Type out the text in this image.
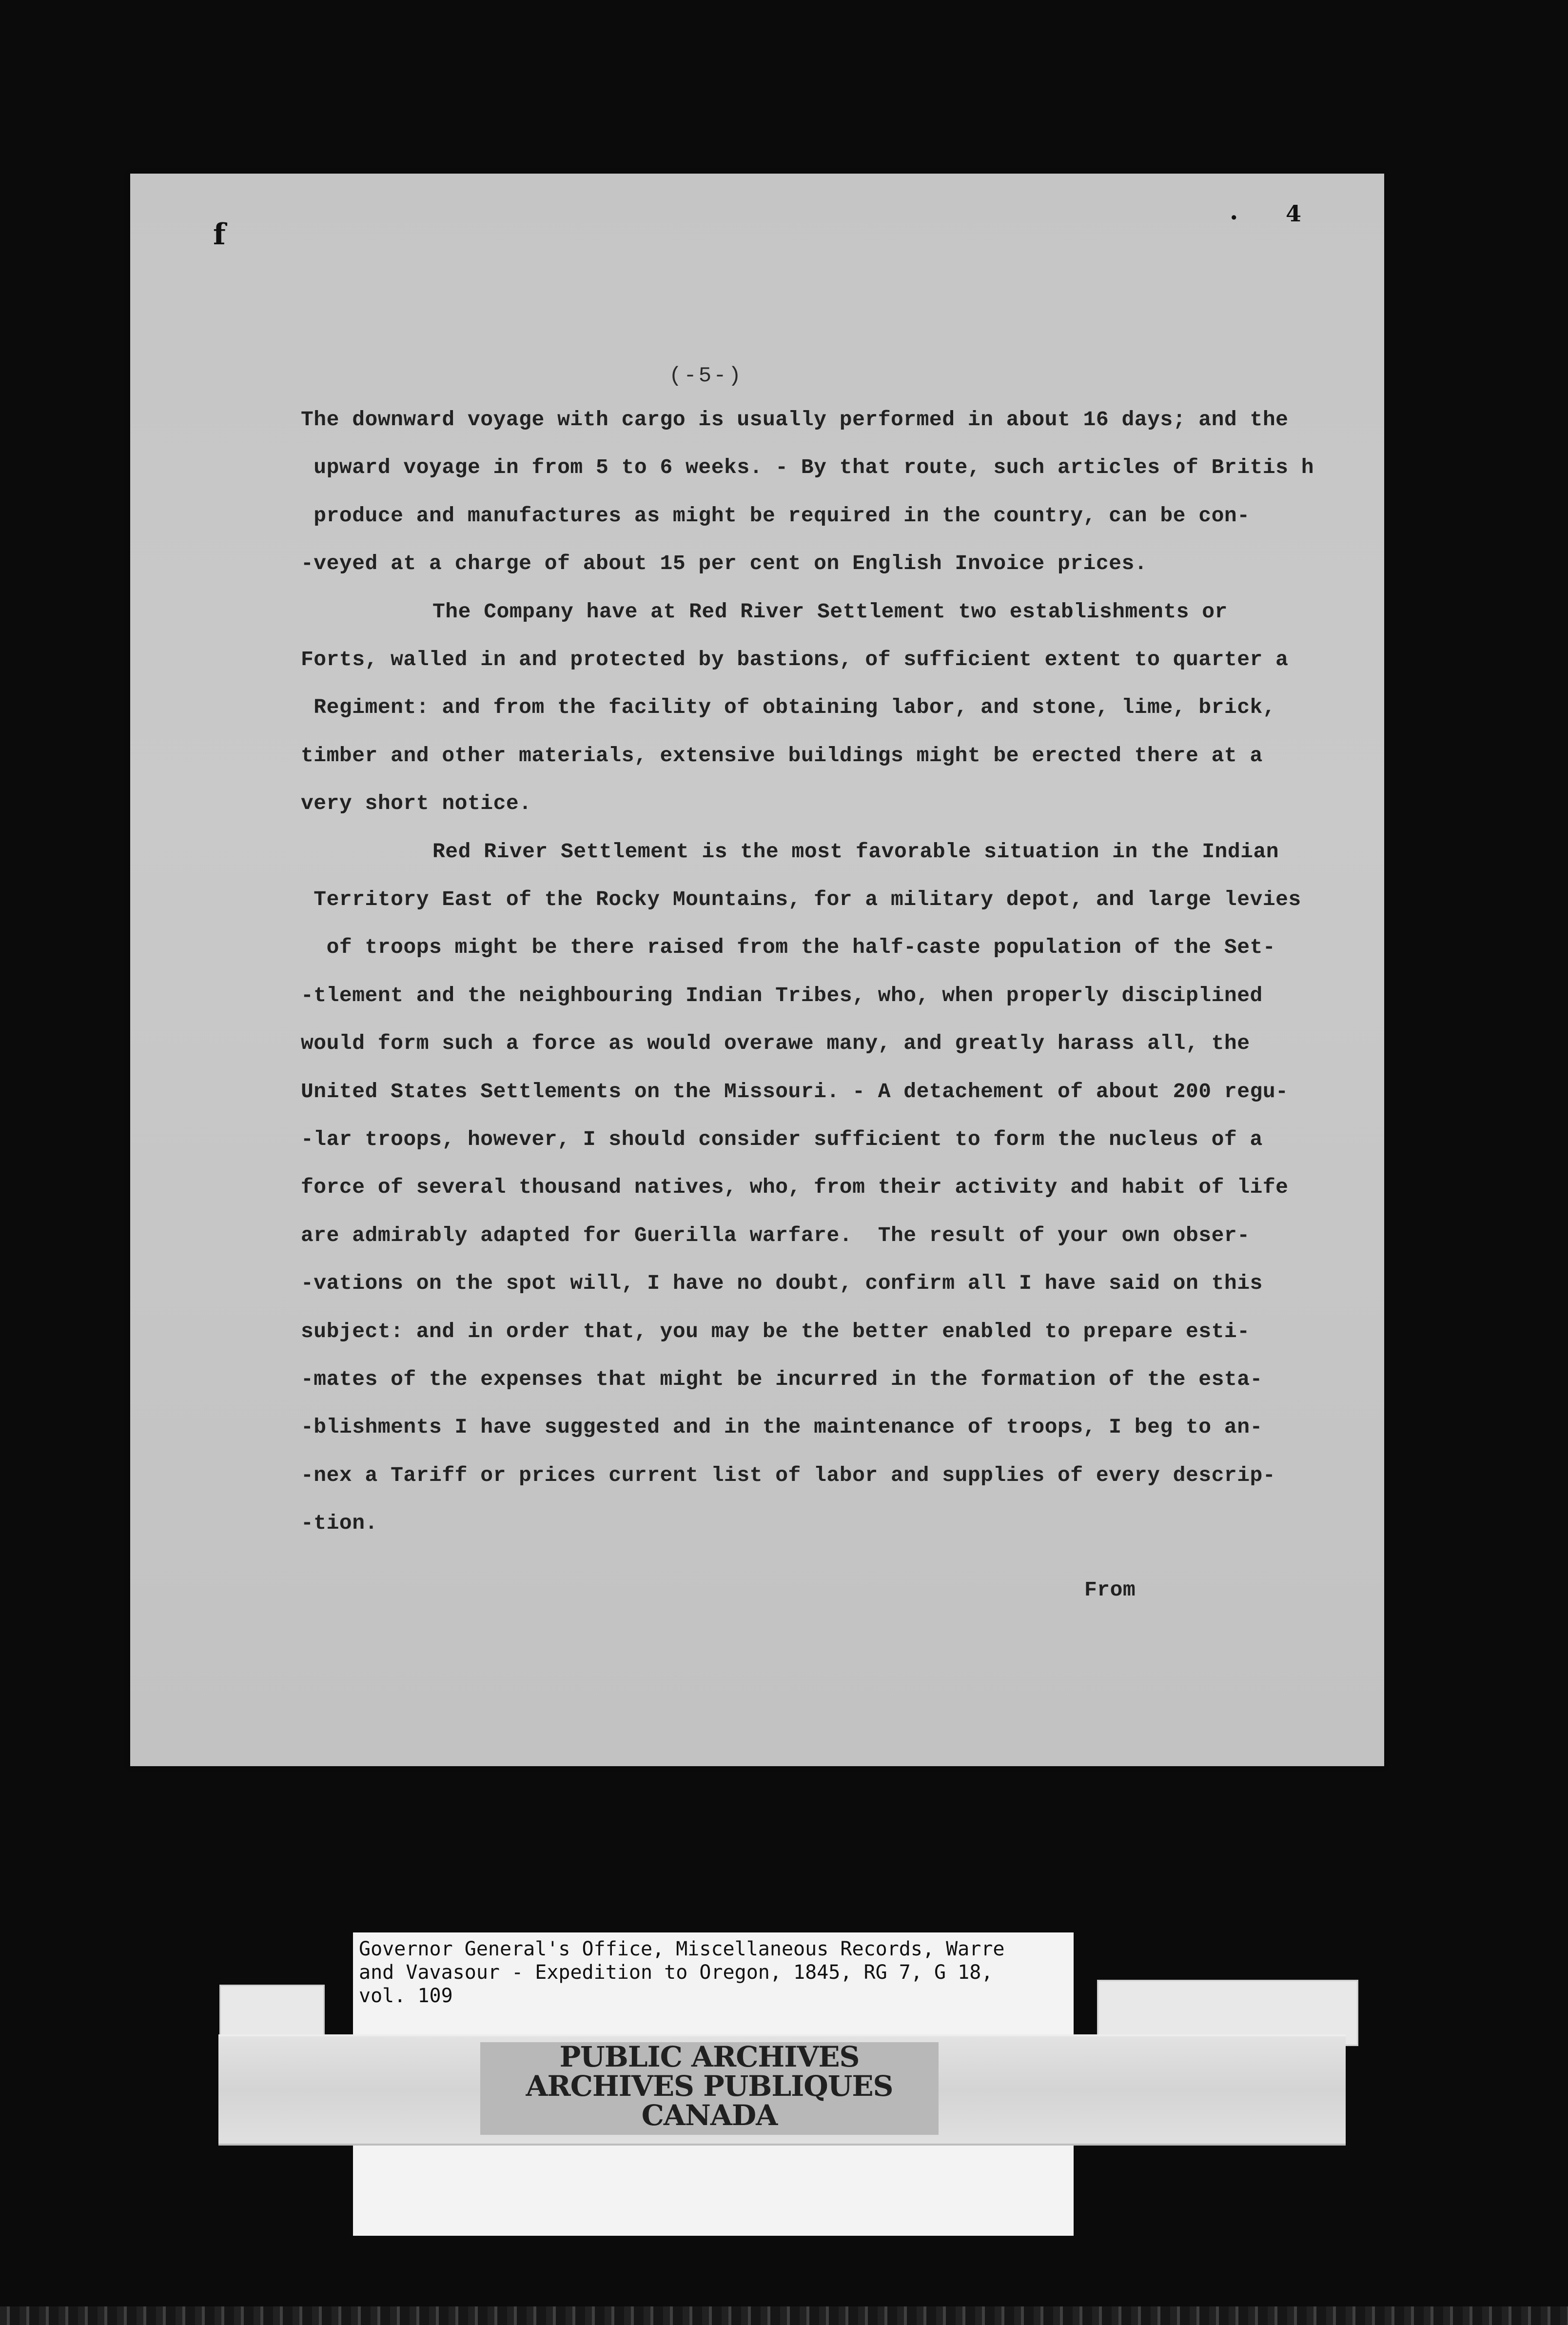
f
· 4
(-5-)
The downward voyage with cargo is usually performed in about 16 days; and the
upward voyage in from 5 to 6 weeks. - By that route, such articles of Britis h
produce and manufactures as might be required in the country, can be con-
-veyed at a charge of about 15 per cent on English Invoice prices.
The Company have at Red River Settlement two establishments or
Forts, walled in and protected by bastions, of sufficient extent to quarter a
Regiment: and from the facility of obtaining labor, and stone, lime, brick,
timber and other materials, extensive buildings might be erected there at a
very short notice.
Red River Settlement is the most favorable situation in the Indian
Territory East of the Rocky Mountains, for a military depot, and large levies
of troops might be there raised from the half-caste population of the Set-
-tlement and the neighbouring Indian Tribes, who, when properly disciplined
would form such a force as would overawe many, and greatly harass all, the
United States Settlements on the Missouri. - A detachement of about 200 regu-
-lar troops, however, I should consider sufficient to form the nucleus of a
force of several thousand natives, who, from their activity and habit of life
are admirably adapted for Guerilla warfare.  The result of your own obser-
-vations on the spot will, I have no doubt, confirm all I have said on this
subject: and in order that, you may be the better enabled to prepare esti-
-mates of the expenses that might be incurred in the formation of the esta-
-blishments I have suggested and in the maintenance of troops, I beg to an-
-nex a Tariff or prices current list of labor and supplies of every descrip-
-tion.
From
Governor General's Office, Miscellaneous Records, Warre
and Vavasour - Expedition to Oregon, 1845, RG 7, G 18,
vol. 109
PUBLIC ARCHIVES
ARCHIVES PUBLIQUES
CANADA
